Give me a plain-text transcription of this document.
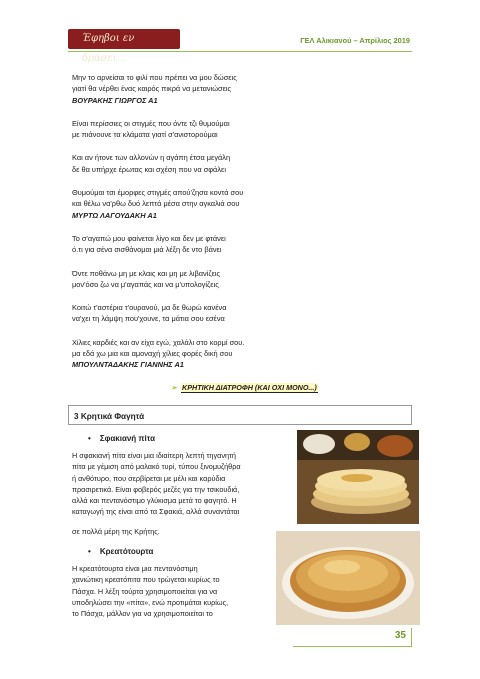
Έφηβοι εν δράσει...
ΓΕΛ Αλικιανού – Απρίλιος 2019

Μην το αρνείσαι το φιλί που πρέπει να μου δώσεις

γιατί θα νέρθει ένας καιρός πικρά να μετανιώσεις

ΒΟΥΡΑΚΗΣ ΓΙΩΡΓΟΣ Α1

Είναι περίσσιες οι στιγμές που όντε τζι θυμούμαι

με πιάνουνε τα κλάματα γιατί σ'ανιστορούμαι

Και αν ήτονε των αλλονών η αγάπη έτσα μεγάλη

δε θα υπήρχε έρωτας και σχέση που να σφάλει

Θυμούμαι τσι έμορφες στιγμές απού'ζησα κοντά σου

και θέλω να'ρθω δυό λεπτά μέσα στην αγκαλιά σου

ΜΥΡΤΩ ΛΑΓΟΥΔΑΚΗ Α1

Το σ'αγαπώ μου φαίνεται λίγο και δεν με φτάνει

ό.τι για σένα σισθάνομαι μιά λέξη δε ντο βάνει

Όντε ποθάνω μη με κλαις και μη με λιβανίζεις

μον'όσο ζω να μ'αγαπάς και να μ'υπολογίζεις

Κοιτώ τ'αστέρια τ'ουρανού, μα δε θωρώ κανένα

να'χει τη λάμψη που'χουνε, τα μάτια σου εσένα

Χίλιες καρδιές και αν είχα εγώ, χαλάλι στο κορμί σου.

μα εδά χω μια και αμοναχή χίλιες φορές δική σου

ΜΠΟΥΛΝΤΑΔΑΚΗΣ ΓΙΑΝΝΗΣ Α1

➢ ΚΡΗΤΙΚΗ ΔΙΑΤΡΟΦΗ (ΚΑΙ ΟΧΙ ΜΟΝΟ...)
3 Κρητικά Φαγητά
• Σφακιανή πίτα

Η σφακιανή πίτα είναι μια ιδιαίτερη λεπτή τηγανητή

πίτα με γέμιση από μαλακό τυρί, τύπου ξινομυζήθρα

ή ανθότυρο, που σερβίρεται με μέλι και καρύδια

πρασιρετικά. Είναι φοβερός μεζές για την τσικουδιά,

αλλά και πεντανόστιμο γλύκισμα μετά το φαγητό. Η

καταγωγή της είναι από τα Σφακιά, αλλά συναντάται

σε πολλά μέρη της Κρήτης.

• Κρεατότουρτα

Η κρεατότουρτα είναι μια πεντανόστιμη

χανιώτικη κρεατόπιτα που τρώγεται κυρίως το

Πάσχα. Η λέξη τούρτα χρησιμοποιείται για να

υποδηλώσει την «πίτα», ενώ προτιμάται κυρίως,

το Πάσχα, μάλλον για να χρησιμοποιείται το

35
